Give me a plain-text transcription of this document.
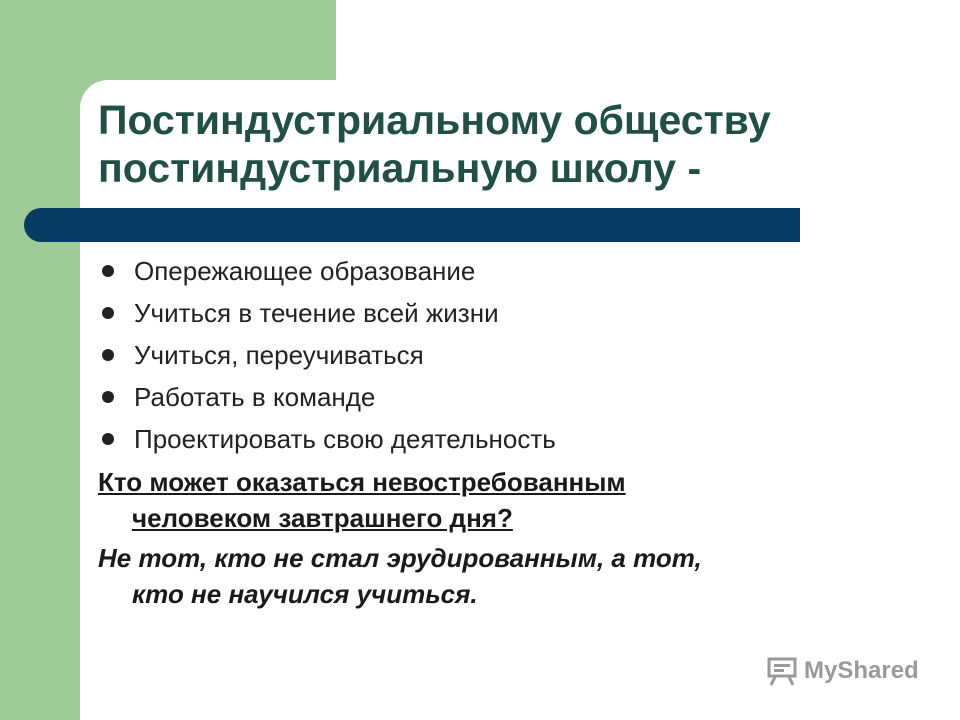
Постиндустриальному обществу
постиндустриальную школу -
Опережающее образование
Учиться в течение всей жизни
Учиться, переучиваться
Работать в команде
Проектировать свою деятельность
Кто может оказаться невостребованным
человеком завтрашнего дня?
Не тот, кто не стал эрудированным, а тот,
кто не научился учиться.
MyShared
